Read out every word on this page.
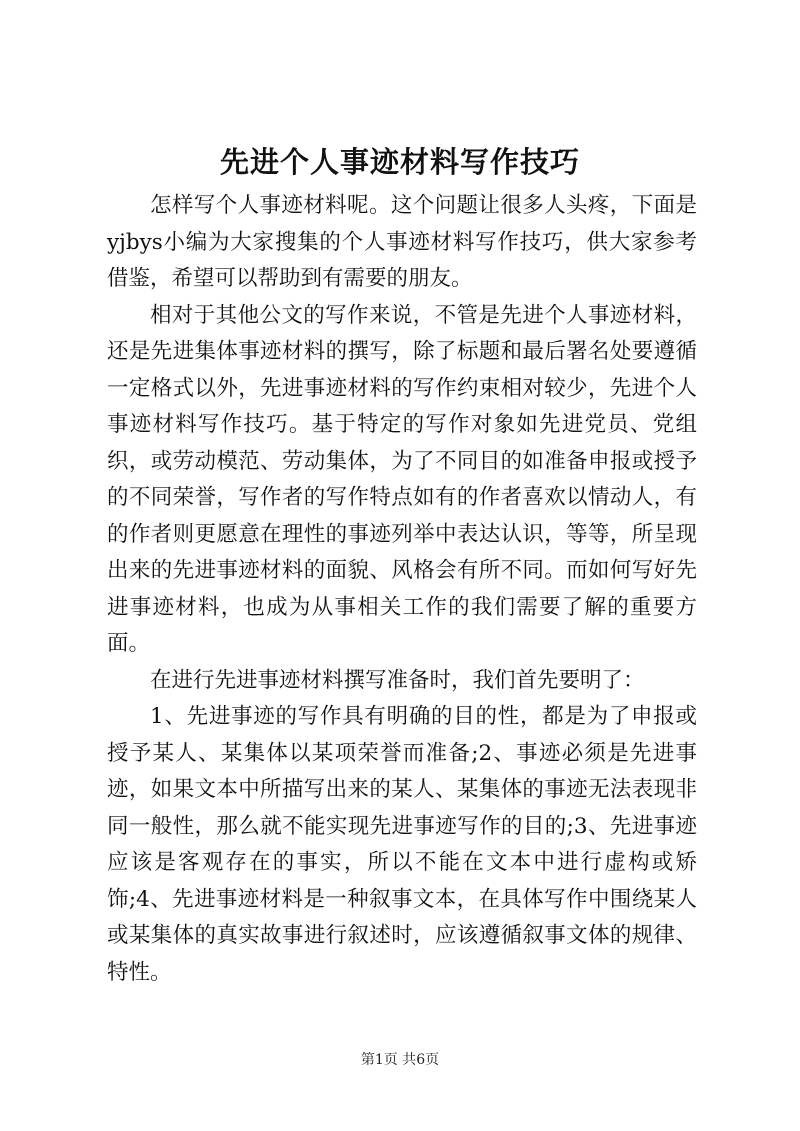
先进个人事迹材料写作技巧

怎样写个人事迹材料呢。这个问题让很多人头疼，下面是yjbys小编为大家搜集的个人事迹材料写作技巧，供大家参考借鉴，希望可以帮助到有需要的朋友。

相对于其他公文的写作来说，不管是先进个人事迹材料，还是先进集体事迹材料的撰写，除了标题和最后署名处要遵循一定格式以外，先进事迹材料的写作约束相对较少，先进个人事迹材料写作技巧。基于特定的写作对象如先进党员、党组织，或劳动模范、劳动集体，为了不同目的如准备申报或授予的不同荣誉，写作者的写作特点如有的作者喜欢以情动人，有的作者则更愿意在理性的事迹列举中表达认识，等等，所呈现出来的先进事迹材料的面貌、风格会有所不同。而如何写好先进事迹材料，也成为从事相关工作的我们需要了解的重要方面。

在进行先进事迹材料撰写准备时，我们首先要明了：

1、先进事迹的写作具有明确的目的性，都是为了申报或授予某人、某集体以某项荣誉而准备;2、事迹必须是先进事迹，如果文本中所描写出来的某人、某集体的事迹无法表现非同一般性，那么就不能实现先进事迹写作的目的;3、先进事迹应该是客观存在的事实，所以不能在文本中进行虚构或矫饰;4、先进事迹材料是一种叙事文本，在具体写作中围绕某人或某集体的真实故事进行叙述时，应该遵循叙事文体的规律、特性。

第1页 共6页
